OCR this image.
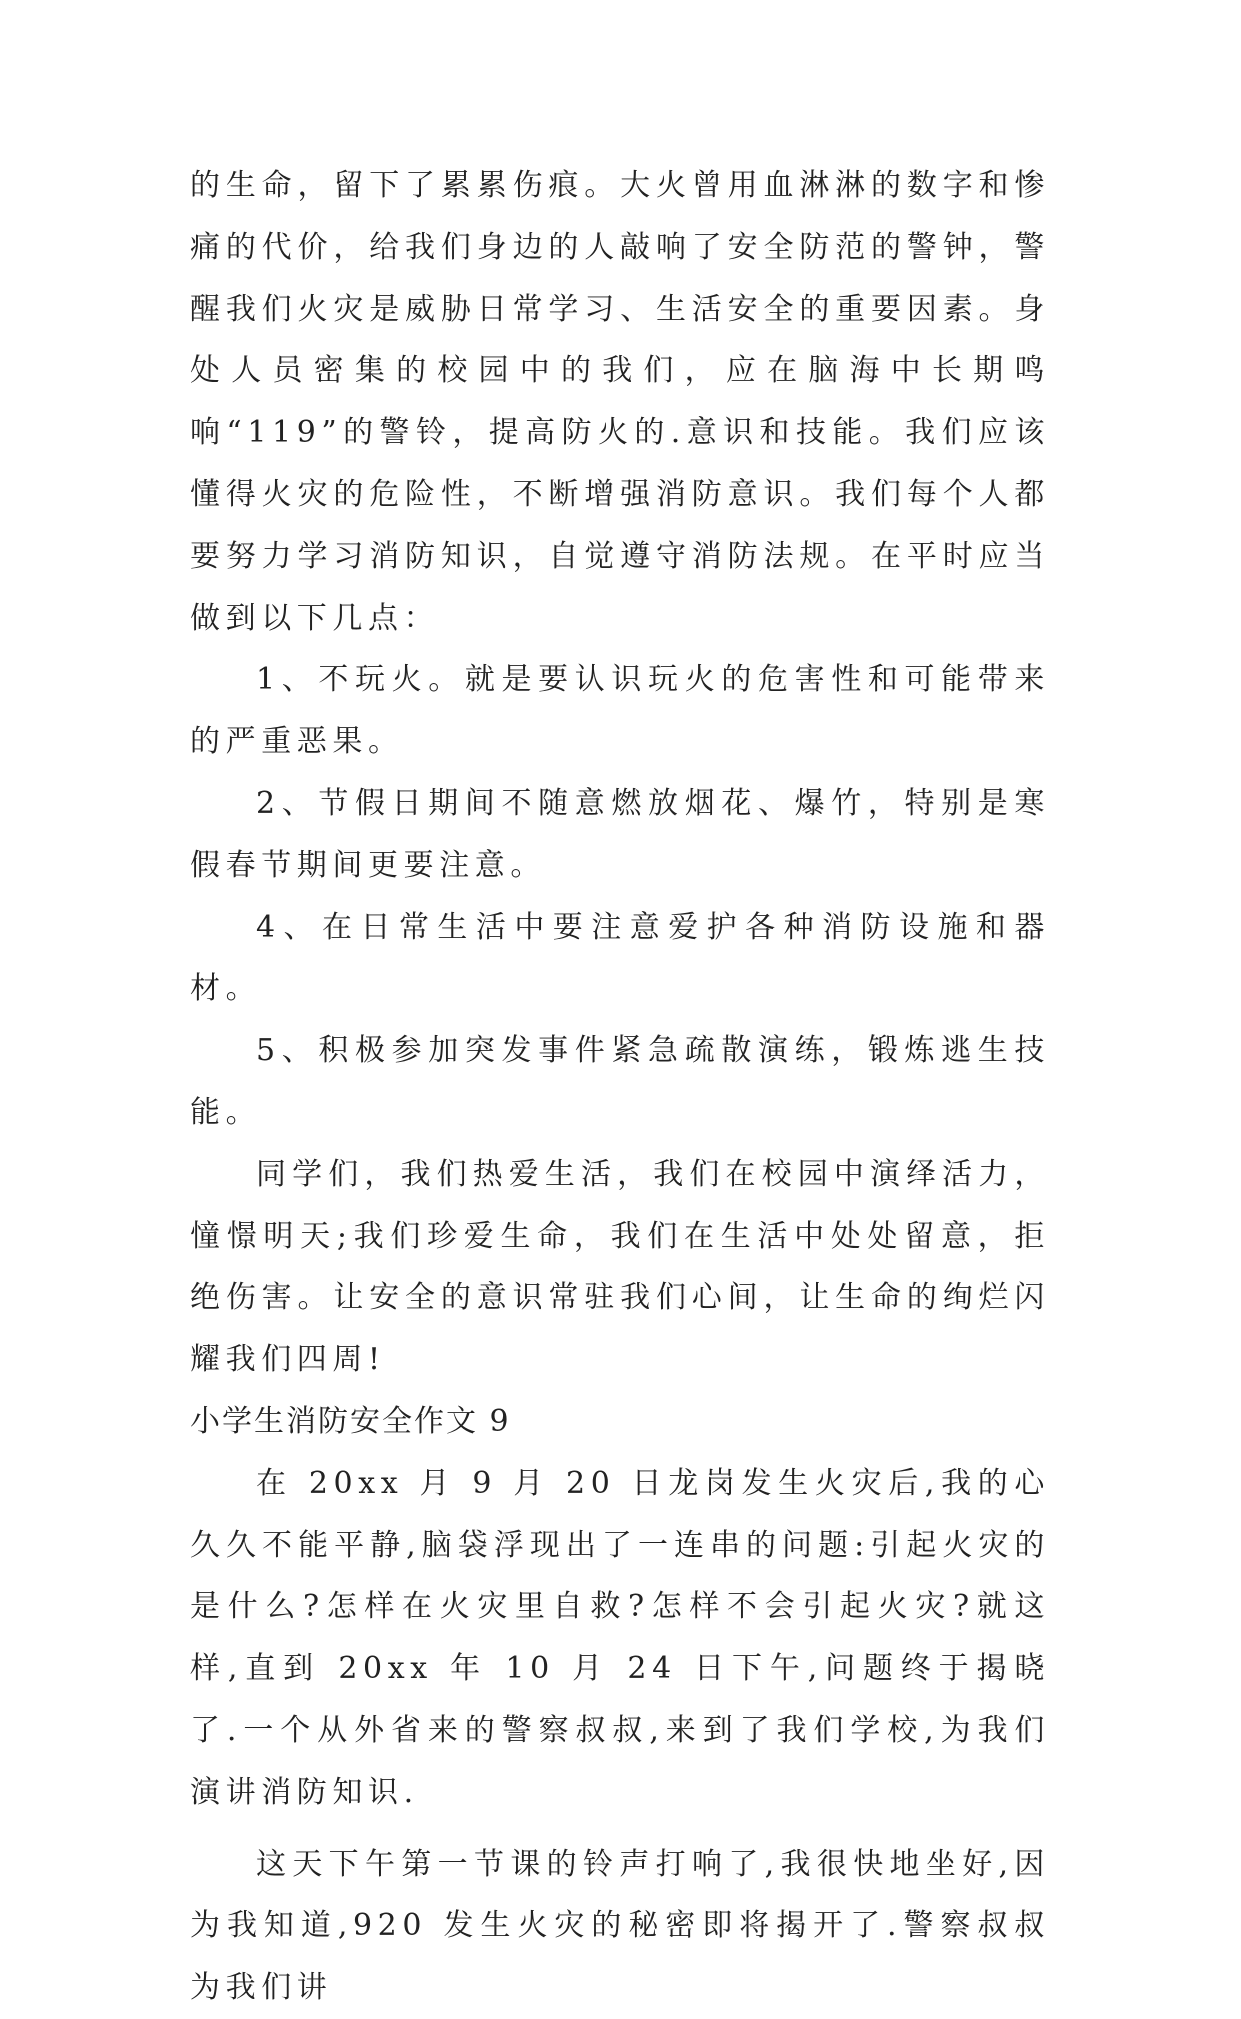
的生命，留下了累累伤痕。大火曾用血淋淋的数字和惨痛的代价，给我们身边的人敲响了安全防范的警钟，警醒我们火灾是威胁日常学习、生活安全的重要因素。身处人员密集的校园中的我们，应在脑海中长期鸣响“119”的警铃，提高防火的.意识和技能。我们应该懂得火灾的危险性，不断增强消防意识。我们每个人都要努力学习消防知识，自觉遵守消防法规。在平时应当做到以下几点：

1、不玩火。就是要认识玩火的危害性和可能带来的严重恶果。

2、节假日期间不随意燃放烟花、爆竹，特别是寒假春节期间更要注意。

4、在日常生活中要注意爱护各种消防设施和器材。

5、积极参加突发事件紧急疏散演练，锻炼逃生技能。

同学们，我们热爱生活，我们在校园中演绎活力，憧憬明天;我们珍爱生命，我们在生活中处处留意，拒绝伤害。让安全的意识常驻我们心间，让生命的绚烂闪耀我们四周!

小学生消防安全作文 9

在 20xx 月 9 月 20 日龙岗发生火灾后,我的心久久不能平静,脑袋浮现出了一连串的问题:引起火灾的是什么?怎样在火灾里自救?怎样不会引起火灾?就这样,直到 20xx 年 10 月 24 日下午,问题终于揭晓了.一个从外省来的警察叔叔,来到了我们学校,为我们演讲消防知识.

这天下午第一节课的铃声打响了,我很快地坐好,因为我知道,920 发生火灾的秘密即将揭开了.警察叔叔为我们讲
